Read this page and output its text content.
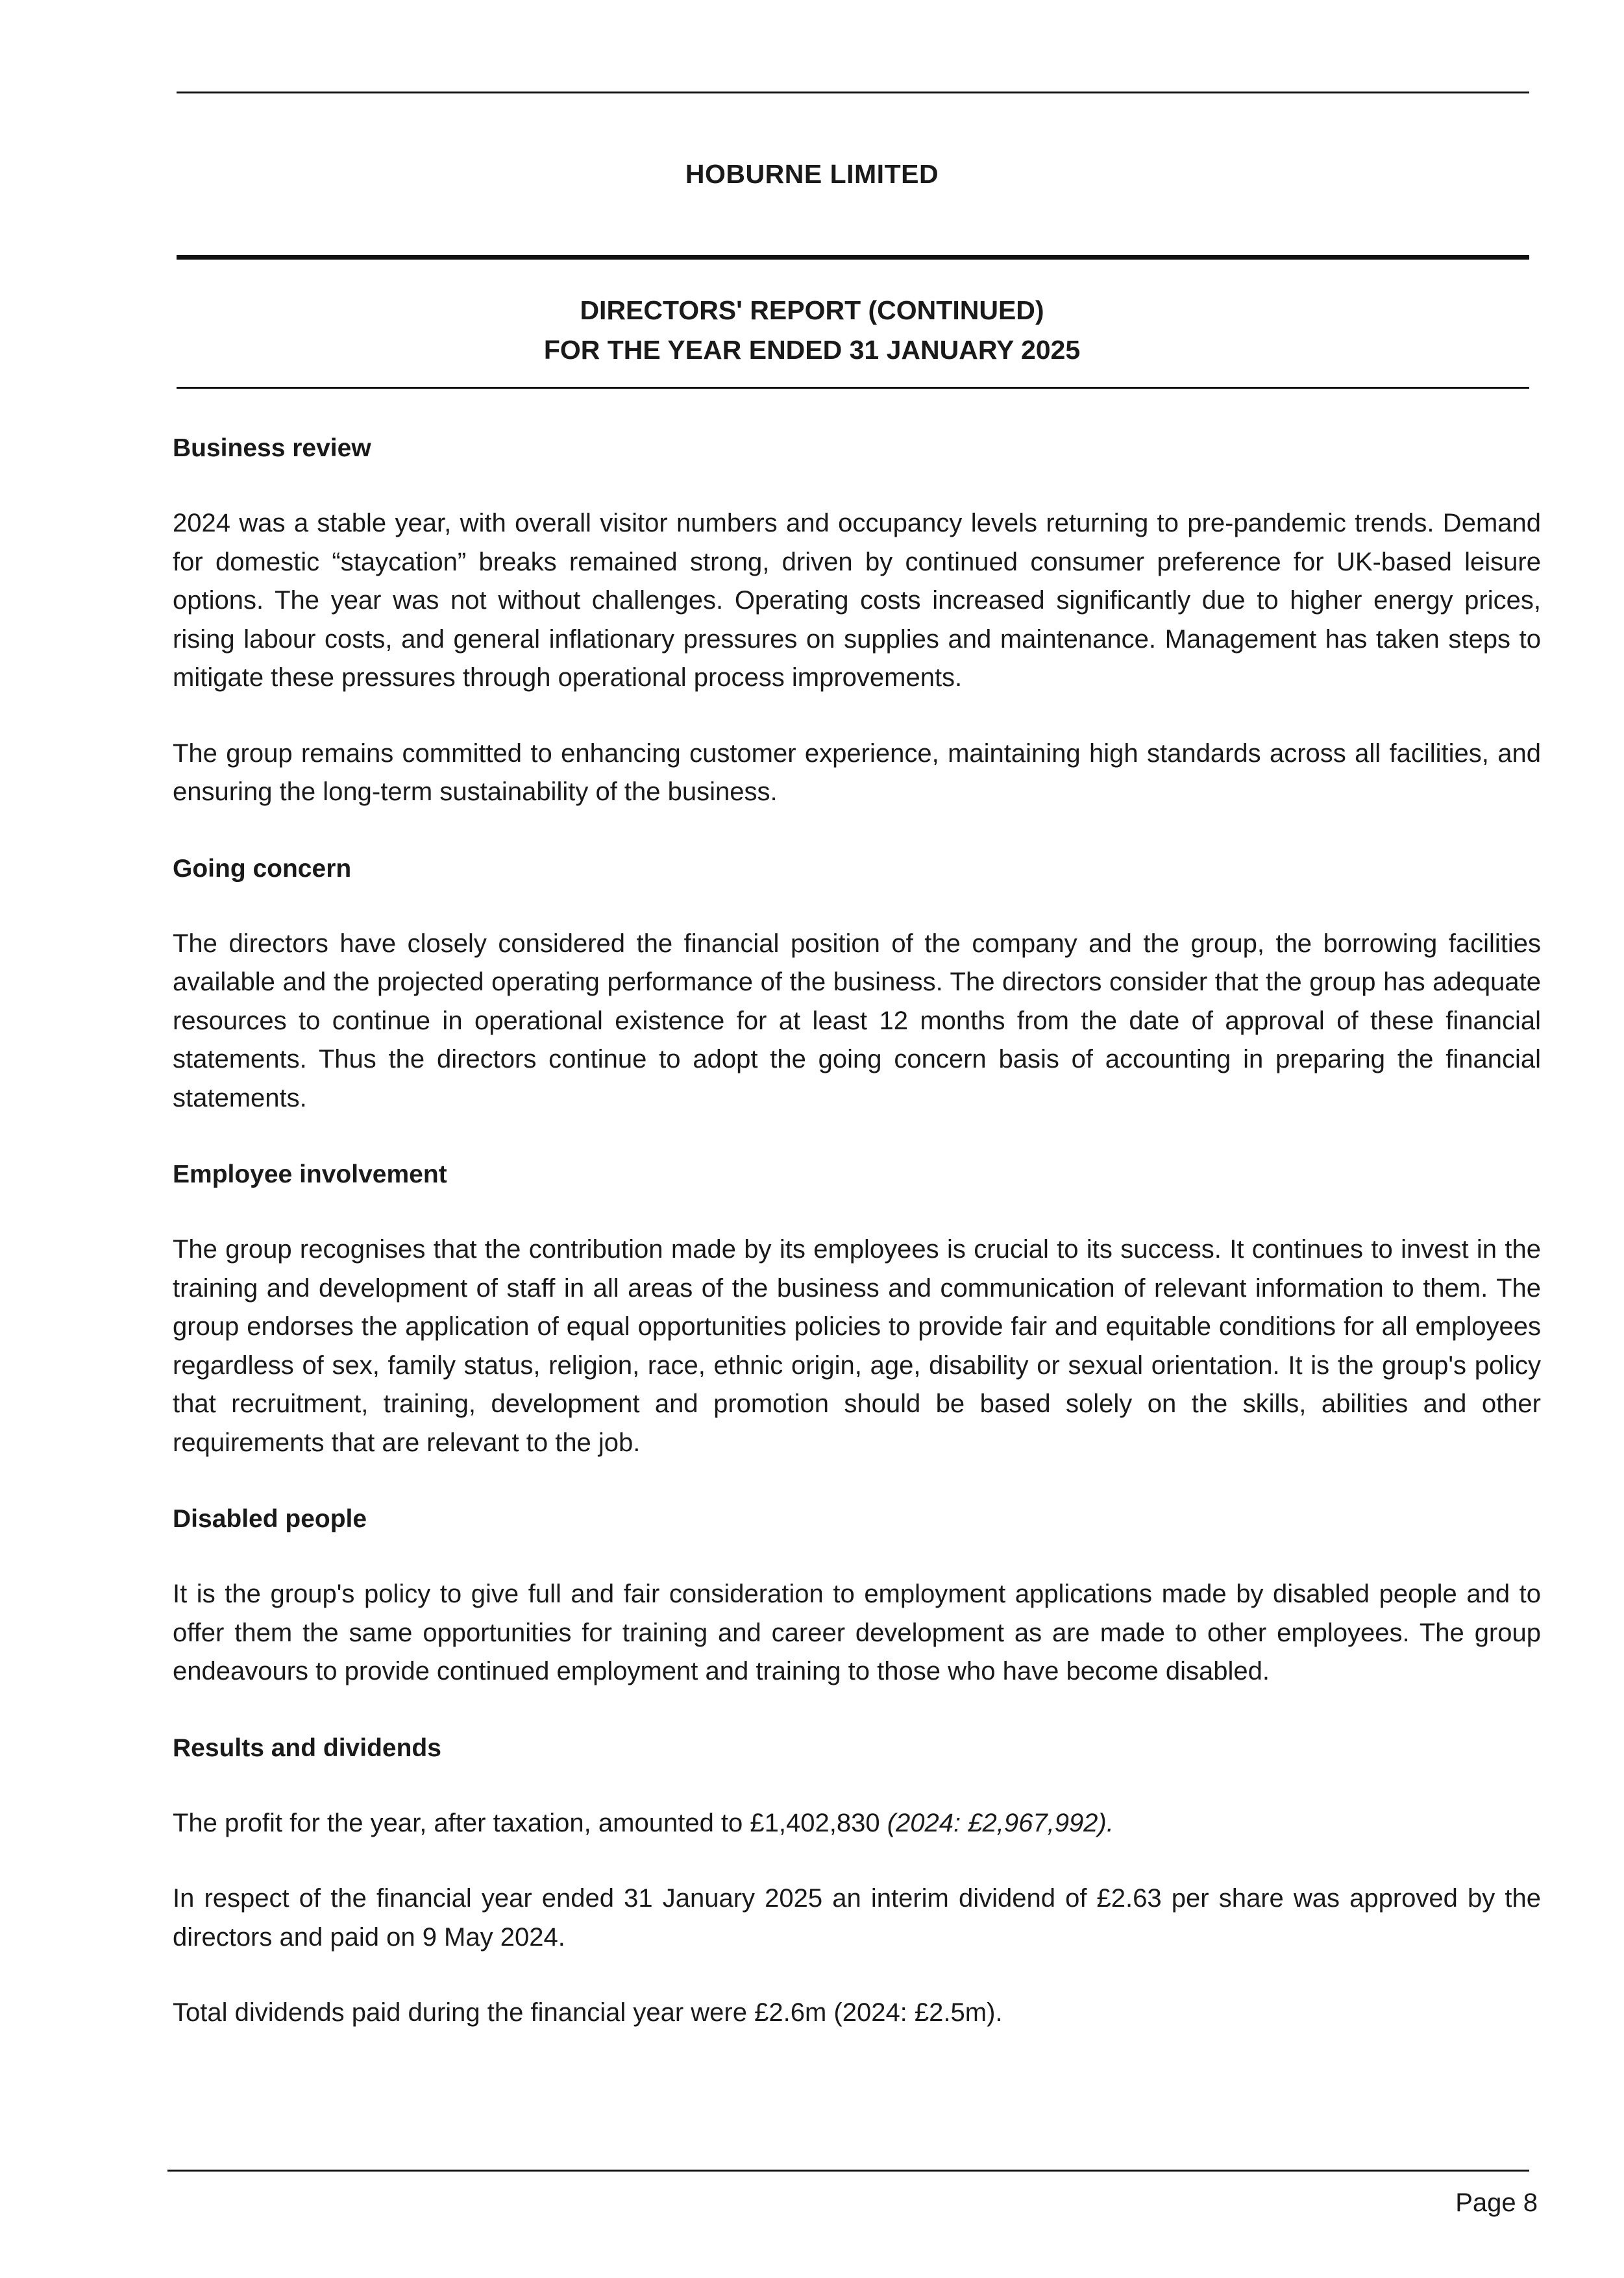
HOBURNE LIMITED
DIRECTORS' REPORT (CONTINUED)
FOR THE YEAR ENDED 31 JANUARY 2025
Business review

2024 was a stable year, with overall visitor numbers and occupancy levels returning to pre-pandemic trends. Demand for domestic “staycation” breaks remained strong, driven by continued consumer preference for UK-based leisure options. The year was not without challenges. Operating costs increased significantly due to higher energy prices, rising labour costs, and general inflationary pressures on supplies and maintenance. Management has taken steps to mitigate these pressures through operational process improvements.

The group remains committed to enhancing customer experience, maintaining high standards across all facilities, and ensuring the long-term sustainability of the business.

Going concern

The directors have closely considered the financial position of the company and the group, the borrowing facilities available and the projected operating performance of the business. The directors consider that the group has adequate resources to continue in operational existence for at least 12 months from the date of approval of these financial statements. Thus the directors continue to adopt the going concern basis of accounting in preparing the financial statements.

Employee involvement

The group recognises that the contribution made by its employees is crucial to its success. It continues to invest in the training and development of staff in all areas of the business and communication of relevant information to them. The group endorses the application of equal opportunities policies to provide fair and equitable conditions for all employees regardless of sex, family status, religion, race, ethnic origin, age, disability or sexual orientation. It is the group's policy that recruitment, training, development and promotion should be based solely on the skills, abilities and other requirements that are relevant to the job.

Disabled people

It is the group's policy to give full and fair consideration to employment applications made by disabled people and to offer them the same opportunities for training and career development as are made to other employees. The group endeavours to provide continued employment and training to those who have become disabled.

Results and dividends

The profit for the year, after taxation, amounted to £1,402,830 (2024: £2,967,992).

In respect of the financial year ended 31 January 2025 an interim dividend of £2.63 per share was approved by the directors and paid on 9 May 2024.

Total dividends paid during the financial year were £2.6m (2024: £2.5m).

Page 8
